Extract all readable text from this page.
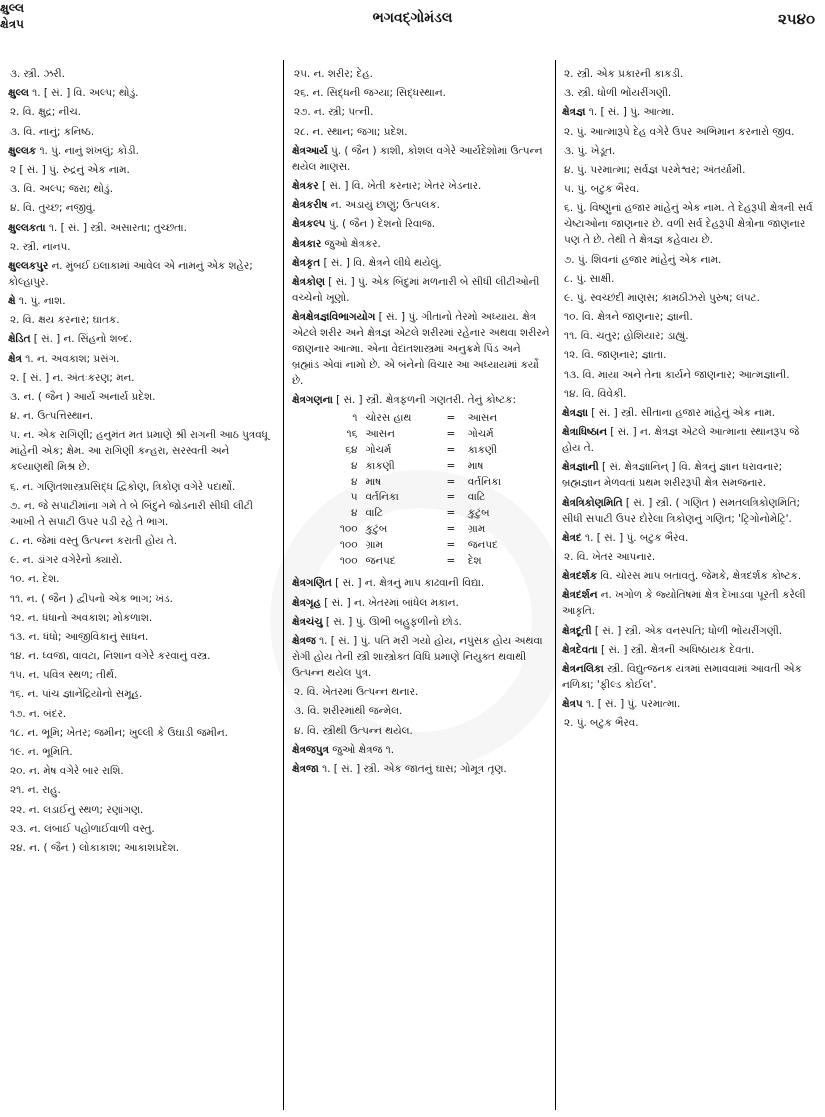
ક્ષુલ્લ
ક્ષેત્રપ	ભગવદ્ગોમંડલ	૨૫૪૦

૩. સ્ત્રી. ઝરી.

ક્ષુલ્લ ૧. [ સં. ] વિ. અલ્પ; થોડું.

૨. વિ. ક્ષુદ્ર; નીચ.

૩. વિ. નાનું; કનિષ્ઠ.

ક્ષુલ્લક ૧. પું. નાનું શંખલું; કોડી.

૨ [ સં. ] પું. રુદ્રનું એક નામ.

૩. વિ. અલ્પ; જરા; થોડું.

૪. વિ. તુચ્છ; નજીવું.

ક્ષુલ્લકતા ૧. [ સં. ] સ્ત્રી. અસારતા; તુચ્છતા.

૨. સ્ત્રી. નાનપ.

ક્ષુલ્લકપુર ન. મુંબઈ ઇલાકામાં આવેલ એ નામનું એક શહેર; કોલ્હાપુર.

ક્ષે ૧. પું. નાશ.

૨. વિ. ક્ષય કરનાર; ઘાતક.

ક્ષેડિત [ સં. ] ન. સિંહનો શબ્દ.

ક્ષેત્ર ૧. ન. અવકાશ; પ્રસંગ.

૨. [ સં. ] ન. અંતઃકરણ; મન.

૩. ન. ( જૈન ) આર્ય અનાર્ય પ્રદેશ.

૪. ન. ઉત્પત્તિસ્થાન.

૫. ન. એક રાગિણી; હનુમંત મત પ્રમાણે શ્રી રાગની આઠ પુત્રવધૂ માંહેની એક; ક્ષેમ. આ રાગિણી કન્હરા, સરસ્વતી અને કલ્યાણથી મિશ્ર છે.

૬. ન. ગણિતશાસ્ત્રપ્રસિદ્ધ દ્વિકોણ, ત્રિકોણ વગેરે પદાર્થો.

૭. ન. જે સપાટીમાંના ગમે તે બે બિંદુને જોડનારી સીધી લીટી આખી તે સપાટી ઉપર પડી રહે તે ભાગ.

૮. ન. જેમાં વસ્તુ ઉત્પન્ન કરાતી હોય તે.

૯. ન. ડાંગર વગેરેનો ક્યારો.

૧૦. ન. દેશ.

૧૧. ન. ( જૈન ) દ્વીપનો એક ભાગ; ખંડ.

૧૨. ન. ધંધાનો અવકાશ; મોકળાશ.

૧૩. ન. ધંધો; આજીવિકાનું સાધન.

૧૪. ન. ધ્વજા, વાવટા, નિશાન વગેરે કરવાનું વસ્ત્ર.

૧૫. ન. પવિત્ર સ્થળ; તીર્થ.

૧૬. ન. પાંચ જ્ઞાનેંદ્રિયોનો સમૂહ.

૧૭. ન. બંદર.

૧૮. ન. ભૂમિ; ખેતર; જમીન; ખુલ્લી કે ઉઘાડી જમીન.

૧૯. ન. ભૂમિતિ.

૨૦. ન. મેષ વગેરે બાર રાશિ.

૨૧. ન. રાહુ.

૨૨. ન. લડાઈનું સ્થળ; રણાંગણ.

૨૩. ન. લંબાઈ પહોળાઈવાળી વસ્તુ.

૨૪. ન. ( જૈન ) લોકાકાશ; આકાશપ્રદેશ.

૨૫. ન. શરીર; દેહ.

૨૬. ન. સિદ્ધની જગ્યા; સિદ્ધસ્થાન.

૨૭. ન. સ્ત્રી; પત્ની.

૨૮. ન. સ્થાન; જગા; પ્રદેશ.

ક્ષેત્રઆર્ય પું. ( જૈન ) કાશી, કોશલ વગેરે આર્યદેશોમાં ઉત્પન્ન થયેલ માણસ.

ક્ષેત્રકર [ સં. ] વિ. ખેતી કરનાર; ખેતર ખેડનાર.

ક્ષેત્રકરીષ ન. અડાયું છાણું; ઉત્પલક.

ક્ષેત્રકલ્પ પું. ( જૈન ) દેશનો રિવાજ.

ક્ષેત્રકાર જુઓ ક્ષેત્રકર.

ક્ષેત્રકૃત [ સં. ] વિ. ક્ષેત્રને લીધે થયેલું.

ક્ષેત્રકોણ [ સં. ] પું. એક બિંદુમાં મળનારી બે સીધી લીટીઓની વચ્ચેનો ખૂણો.

ક્ષેત્રક્ષેત્રજ્ઞવિભાગયોગ [ સં. ] પું. ગીતાનો તેરમો અધ્યાય. ક્ષેત્ર એટલે શરીર અને ક્ષેત્રજ્ઞ એટલે શરીરમાં રહેનાર અથવા શરીરને જાણનાર આત્મા. એના વેદાંતશાસ્ત્રમાં અનુક્રમે પિંડ અને બ્રહ્માંડ એવાં નામો છે. એ બંનેનો વિચાર આ અધ્યાયમાં કર્યો છે.

ક્ષેત્રગણના [ સં. ] સ્ત્રી. ક્ષેત્રફળની ગણતરી. તેનું કોષ્ટક:

૧	ચોરસ હાથ	=	આસન
૧૬	આસન	=	ગોચર્મ
૬૪	ગોચર્મ	=	કાકણી
૪	કાકણી	=	માષ
૪	માષ	=	વર્તનિકા
૫	વર્તનિકા	=	વાટિ
૪	વાટિ	=	કુટુંબ
૧૦૦	કુટુંબ	=	ગ્રામ
૧૦૦	ગ્રામ	=	જનપદ
૧૦૦	જનપદ	=	દેશ

ક્ષેત્રગણિત [ સં. ] ન. ક્ષેત્રનું માપ કાઢવાની વિદ્યા.

ક્ષેત્રગૃહ [ સં. ] ન. ખેતરમાં બાંધેલ મકાન.

ક્ષેત્રચંચુ [ સં. ] પું. ઊભી બહુફળીનો છોડ.

ક્ષેત્રજ ૧. [ સં. ] પું. પતિ મરી ગયો હોય, નપુંસક હોય અથવા રોગી હોય તેની સ્ત્રી શાસ્ત્રોક્ત વિધિ પ્રમાણે નિયુક્ત થવાથી ઉત્પન્ન થયેલ પુત્ર.

૨. વિ. ખેતરમાં ઉત્પન્ન થનાર.

૩. વિ. શરીરમાંથી જન્મેલ.

૪. વિ. સ્ત્રીથી ઉત્પન્ન થયેલ.

ક્ષેત્રજપુત્ર જુઓ ક્ષેત્રજ ૧.

ક્ષેત્રજા ૧. [ સં. ] સ્ત્રી. એક જાતનું ઘાસ; ગોમૂત્ર તૃણ.

૨. સ્ત્રી. એક પ્રકારની કાકડી.

૩. સ્ત્રી. ધોળી ભોંયરીંગણી.

ક્ષેત્રજ્ઞ ૧. [ સં. ] પું. આત્મા.

૨. પું. આત્મારૂપે દેહ વગેરે ઉપર અભિમાન કરનારો જીવ.

૩. પું. ખેડૂત.

૪. પું. પરમાત્મા; સર્વજ્ઞ પરમેશ્વર; અંતર્યામી.

૫. પું. બટુક ભૈરવ.

૬. પું. વિષ્ણુનાં હજાર માંહેનું એક નામ. તે દેહરૂપી ક્ષેત્રની સર્વ ચેષ્ટાઓના જાણનાર છે. વળી સર્વ દેહરૂપી ક્ષેત્રોના જાણનાર પણ તે છે. તેથી તે ક્ષેત્રજ્ઞ કહેવાય છે.

૭. પું. શિવનાં હજાર માંહેનું એક નામ.

૮. પું. સાક્ષી.

૯. પું. સ્વચ્છંદી માણસ; કામઠીઝરો પુરુષ; લંપટ.

૧૦. વિ. ક્ષેત્રને જાણનાર; જ્ઞાની.

૧૧. વિ. ચતુર; હોશિયાર; ડાહ્યું.

૧૨. વિ. જાણનાર; જ્ઞાતા.

૧૩. વિ. માયા અને તેના કાર્યને જાણનાર; આત્મજ્ઞાની.

૧૪. વિ. વિવેકી.

ક્ષેત્રજ્ઞા [ સં. ] સ્ત્રી. સીતાના હજાર માંહેનું એક નામ.

ક્ષેત્રાધિષ્ઠાન [ સં. ] ન. ક્ષેત્રજ્ઞ એટલે આત્માના સ્થાનરૂપ જે હોય તે.

ક્ષેત્રજ્ઞાની [ સં. ક્ષેત્રજ્ઞાનિન્ ] વિ. ક્ષેત્રનું જ્ઞાન ધરાવનાર; બ્રહ્મજ્ઞાન મેળવતાં પ્રથમ શરીરરૂપી ક્ષેત્ર સમજનાર.

ક્ષેત્રત્રિકોણમિતિ [ સં. ] સ્ત્રી. ( ગણિત ) સમતલત્રિકોણમિતિ; સીધી સપાટી ઉપર દોરેલા ત્રિકોણનું ગણિત; 'ટ્રિગોનોમેટ્રિ'.

ક્ષેત્રદ ૧. [ સં. ] પું. બટુક ભૈરવ.

૨. વિ. ખેતર આપનાર.

ક્ષેત્રદર્શક વિ. ચોરસ માપ બતાવતું. જેમકે, ક્ષેત્રદર્શક કોષ્ટક.

ક્ષેત્રદર્શન ન. ખગોળ કે જ્યોતિષમાં ક્ષેત્ર દેખાડવા પૂરતી કરેલી આકૃતિ.

ક્ષેત્રદૂતી [ સં. ] સ્ત્રી. એક વનસ્પતિ; ધોળી ભોંયરીંગણી.

ક્ષેત્રદેવતા [ સં. ] સ્ત્રી. ક્ષેત્રની અધિષ્ઠાયક દેવતા.

ક્ષેત્રનલિકા સ્ત્રી. વિદ્યુત્જનક યંત્રમાં સમાવવામાં આવતી એક નળિકા; 'ફીલ્ડ કોઈલ'.

ક્ષેત્રપ ૧. [ સં. ] પું. પરમાત્મા.

૨. પું. બટુક ભૈરવ.
